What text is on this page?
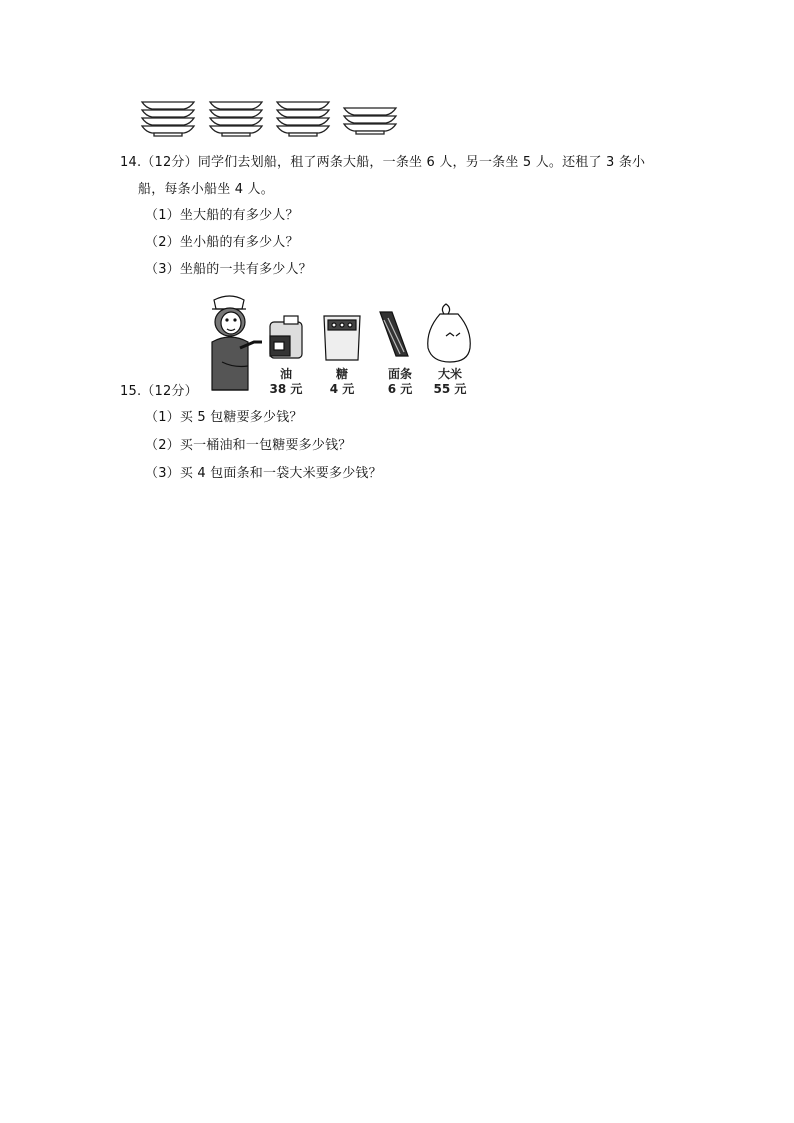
14.（12分）同学们去划船，租了两条大船，一条坐 6 人，另一条坐 5 人。还租了 3 条小
船，每条小船坐 4 人。
（1）坐大船的有多少人？
（2）坐小船的有多少人？
（3）坐船的一共有多少人？
油
38 元
糖
4 元
面条
6 元
大米
55 元
15.（12分）
（1）买 5 包糖要多少钱？
（2）买一桶油和一包糖要多少钱？
（3）买 4 包面条和一袋大米要多少钱？
